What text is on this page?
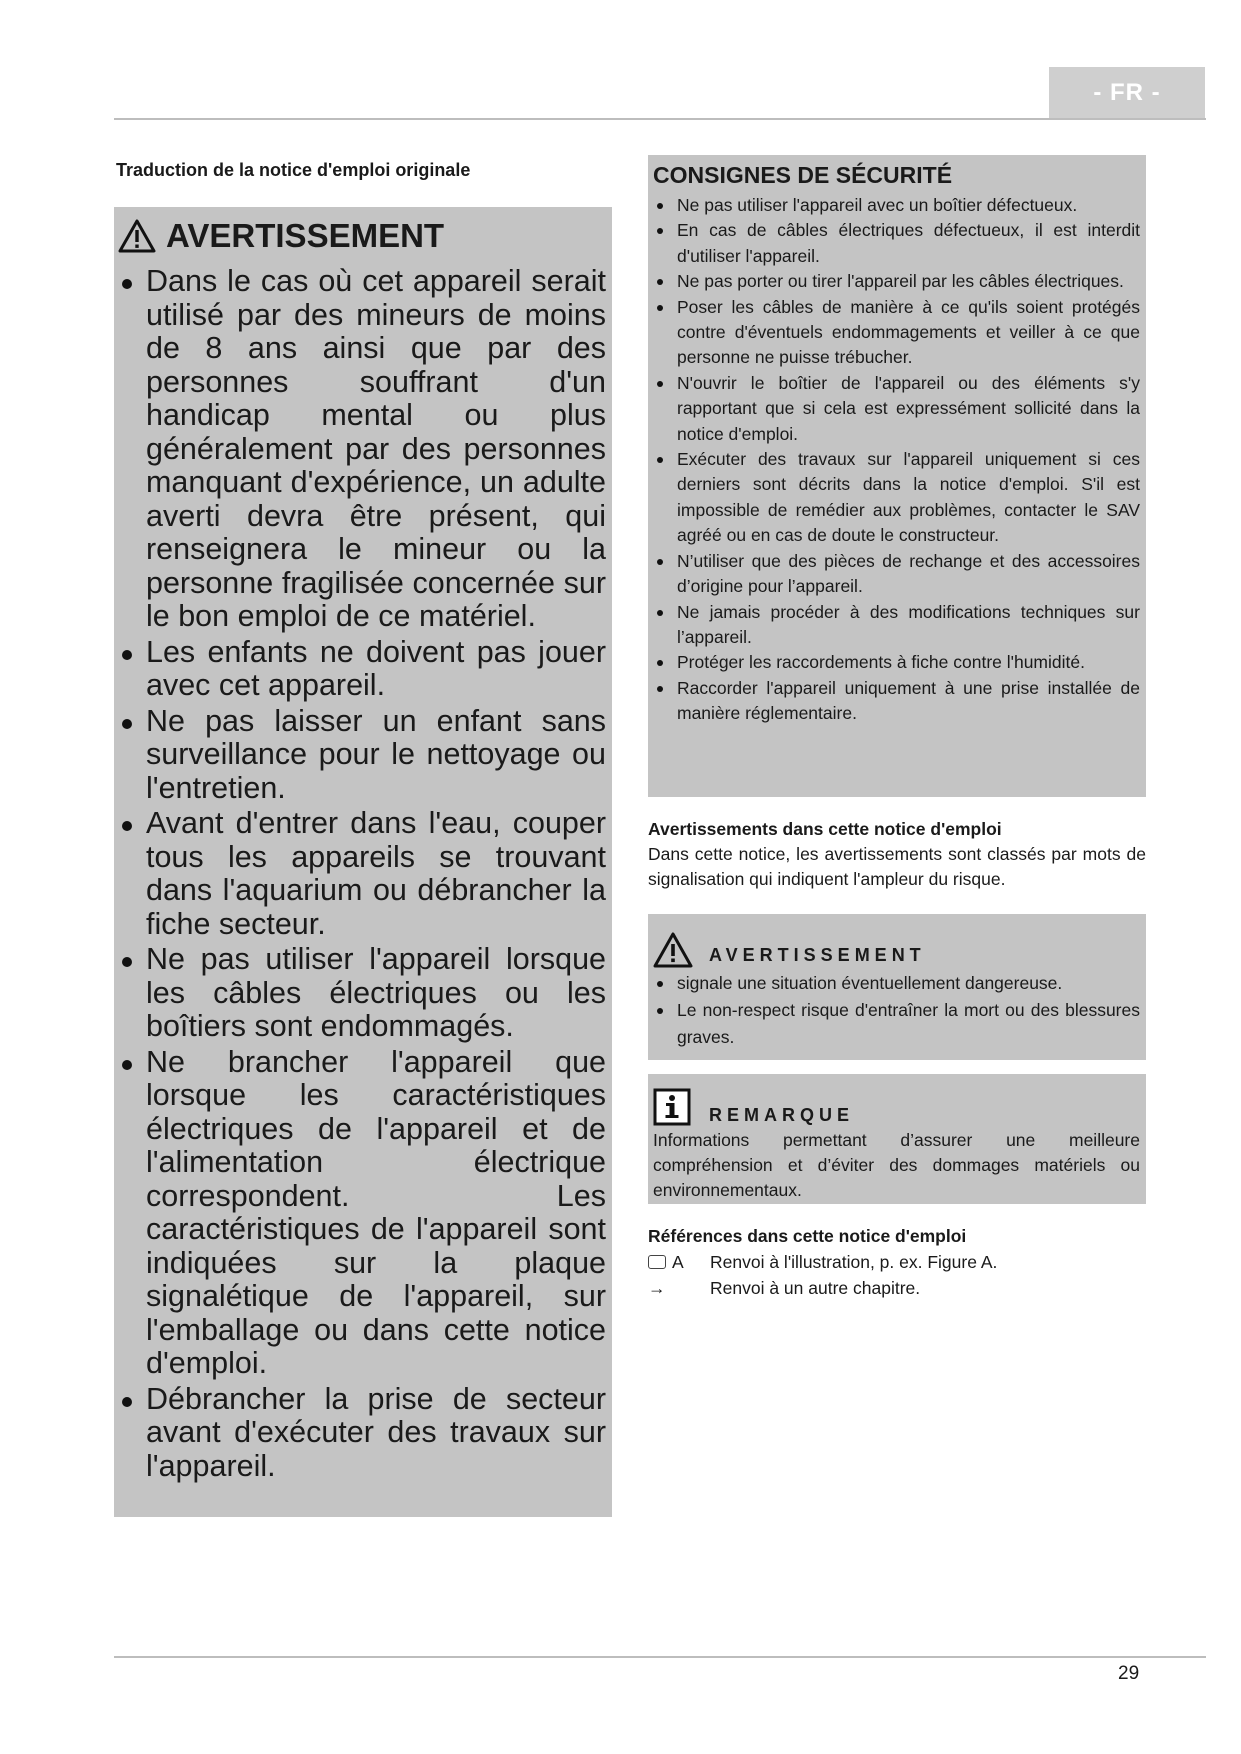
- FR -
Traduction de la notice d'emploi originale
AVERTISSEMENT
Dans le cas où cet appareil serait utilisé par des mineurs de moins de 8 ans ainsi que par des personnes souffrant d'un handicap mental ou plus généralement par des personnes manquant d'expérience, un adulte averti devra être présent, qui renseignera le mineur ou la personne fragilisée concernée sur le bon emploi de ce matériel.
Les enfants ne doivent pas jouer avec cet appareil.
Ne pas laisser un enfant sans surveillance pour le nettoyage ou l'entretien.
Avant d'entrer dans l'eau, couper tous les appareils se trouvant dans l'aquarium ou débrancher la fiche secteur.
Ne pas utiliser l'appareil lorsque les câbles électriques ou les boîtiers sont endommagés.
Ne brancher l'appareil que lorsque les caractéristiques électriques de l'appareil et de l'alimentation électrique correspondent. Les caractéristiques de l'appareil sont indiquées sur la plaque signalétique de l'appareil, sur l'emballage ou dans cette notice d'emploi.
Débrancher la prise de secteur avant d'exécuter des travaux sur l'appareil.
CONSIGNES DE SÉCURITÉ
Ne pas utiliser l'appareil avec un boîtier défectueux.
En cas de câbles électriques défectueux, il est interdit d'utiliser l'appareil.
Ne pas porter ou tirer l'appareil par les câbles électriques.
Poser les câbles de manière à ce qu'ils soient protégés contre d'éventuels endommagements et veiller à ce que personne ne puisse trébucher.
N'ouvrir le boîtier de l'appareil ou des éléments s'y rapportant que si cela est expressément sollicité dans la notice d'emploi.
Exécuter des travaux sur l'appareil uniquement si ces derniers sont décrits dans la notice d'emploi. S'il est impossible de remédier aux problèmes, contacter le SAV agréé ou en cas de doute le constructeur.
N’utiliser que des pièces de rechange et des accessoires d’origine pour l’appareil.
Ne jamais procéder à des modifications techniques sur l’appareil.
Protéger les raccordements à fiche contre l'humidité.
Raccorder l'appareil uniquement à une prise installée de manière réglementaire.
Avertissements dans cette notice d'emploi
Dans cette notice, les avertissements sont classés par mots de signalisation qui indiquent l'ampleur du risque.
AVERTISSEMENT
signale une situation éventuellement dangereuse.
Le non-respect risque d'entraîner la mort ou des blessures graves.
REMARQUE
Informations permettant d’assurer une meilleure compréhension et d’éviter des dommages matériels ou environnementaux.
Références dans cette notice d'emploi
A Renvoi à l'illustration, p. ex. Figure A.
→	Renvoi à un autre chapitre.
29
